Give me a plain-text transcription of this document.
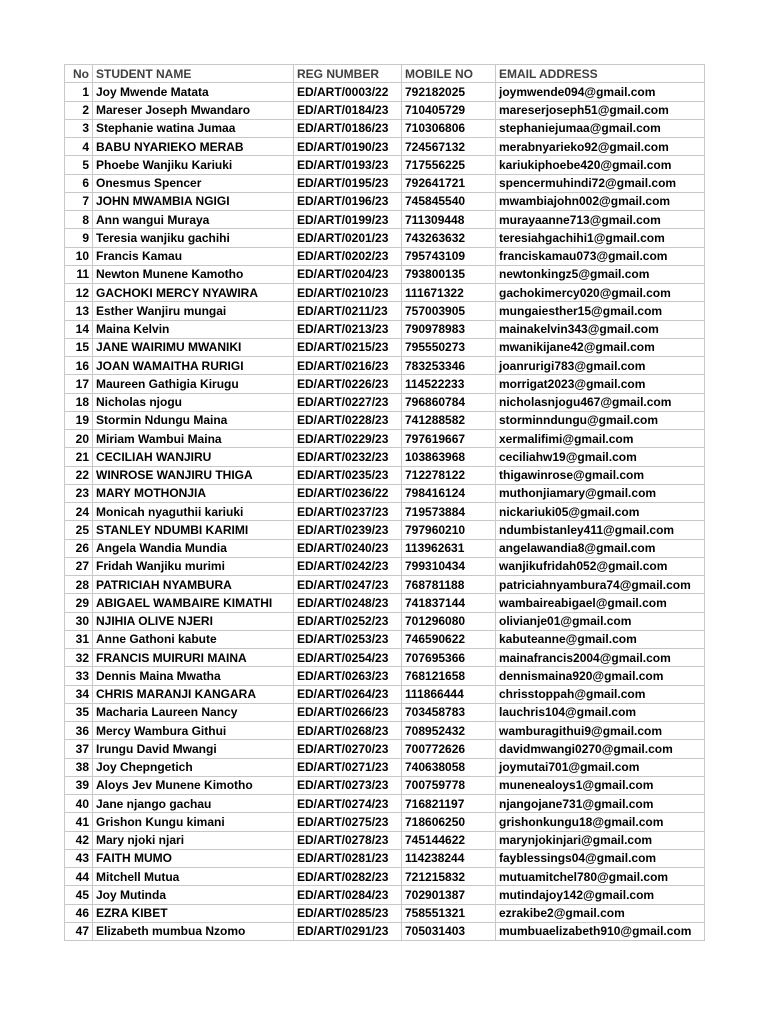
No	STUDENT NAME	REG NUMBER	MOBILE NO	EMAIL ADDRESS
1	Joy Mwende Matata	ED/ART/0003/22	792182025	joymwende094@gmail.com
2	Mareser Joseph Mwandaro	ED/ART/0184/23	710405729	mareserjoseph51@gmail.com
3	Stephanie watina Jumaa	ED/ART/0186/23	710306806	stephaniejumaa@gmail.com
4	BABU NYARIEKO MERAB	ED/ART/0190/23	724567132	merabnyarieko92@gmail.com
5	Phoebe Wanjiku Kariuki	ED/ART/0193/23	717556225	kariukiphoebe420@gmail.com
6	Onesmus Spencer	ED/ART/0195/23	792641721	spencermuhindi72@gmail.com
7	JOHN MWAMBIA NGIGI	ED/ART/0196/23	745845540	mwambiajohn002@gmail.com
8	Ann wangui Muraya	ED/ART/0199/23	711309448	murayaanne713@gmail.com
9	Teresia wanjiku gachihi	ED/ART/0201/23	743263632	teresiahgachihi1@gmail.com
10	Francis Kamau	ED/ART/0202/23	795743109	franciskamau073@gmail.com
11	Newton Munene Kamotho	ED/ART/0204/23	793800135	newtonkingz5@gmail.com
12	GACHOKI MERCY NYAWIRA	ED/ART/0210/23	111671322	gachokimercy020@gmail.com
13	Esther Wanjiru mungai	ED/ART/0211/23	757003905	mungaiesther15@gmail.com
14	Maina Kelvin	ED/ART/0213/23	790978983	mainakelvin343@gmail.com
15	JANE WAIRIMU MWANIKI	ED/ART/0215/23	795550273	mwanikijane42@gmail.com
16	JOAN WAMAITHA RURIGI	ED/ART/0216/23	783253346	joanrurigi783@gmail.com
17	Maureen Gathigia Kirugu	ED/ART/0226/23	114522233	morrigat2023@gmail.com
18	Nicholas njogu	ED/ART/0227/23	796860784	nicholasnjogu467@gmail.com
19	Stormin Ndungu Maina	ED/ART/0228/23	741288582	storminndungu@gmail.com
20	Miriam Wambui Maina	ED/ART/0229/23	797619667	xermalifimi@gmail.com
21	CECILIAH WANJIRU	ED/ART/0232/23	103863968	ceciliahw19@gmail.com
22	WINROSE WANJIRU THIGA	ED/ART/0235/23	712278122	thigawinrose@gmail.com
23	MARY MOTHONJIA	ED/ART/0236/22	798416124	muthonjiamary@gmail.com
24	Monicah nyaguthii kariuki	ED/ART/0237/23	719573884	nickariuki05@gmail.com
25	STANLEY NDUMBI KARIMI	ED/ART/0239/23	797960210	ndumbistanley411@gmail.com
26	Angela Wandia Mundia	ED/ART/0240/23	113962631	angelawandia8@gmail.com
27	Fridah Wanjiku murimi	ED/ART/0242/23	799310434	wanjikufridah052@gmail.com
28	PATRICIAH NYAMBURA	ED/ART/0247/23	768781188	patriciahnyambura74@gmail.com
29	ABIGAEL WAMBAIRE KIMATHI	ED/ART/0248/23	741837144	wambaireabigael@gmail.com
30	NJIHIA OLIVE NJERI	ED/ART/0252/23	701296080	olivianje01@gmail.com
31	Anne Gathoni kabute	ED/ART/0253/23	746590622	kabuteanne@gmail.com
32	FRANCIS MUIRURI MAINA	ED/ART/0254/23	707695366	mainafrancis2004@gmail.com
33	Dennis Maina Mwatha	ED/ART/0263/23	768121658	dennismaina920@gmail.com
34	CHRIS MARANJI KANGARA	ED/ART/0264/23	111866444	chrisstoppah@gmail.com
35	Macharia Laureen Nancy	ED/ART/0266/23	703458783	lauchris104@gmail.com
36	Mercy Wambura Githui	ED/ART/0268/23	708952432	wamburagithui9@gmail.com
37	Irungu David Mwangi	ED/ART/0270/23	700772626	davidmwangi0270@gmail.com
38	Joy Chepngetich	ED/ART/0271/23	740638058	joymutai701@gmail.com
39	Aloys Jev Munene Kimotho	ED/ART/0273/23	700759778	munenealoys1@gmail.com
40	Jane njango gachau	ED/ART/0274/23	716821197	njangojane731@gmail.com
41	Grishon Kungu kimani	ED/ART/0275/23	718606250	grishonkungu18@gmail.com
42	Mary njoki njari	ED/ART/0278/23	745144622	marynjokinjari@gmail.com
43	FAITH MUMO	ED/ART/0281/23	114238244	fayblessings04@gmail.com
44	Mitchell Mutua	ED/ART/0282/23	721215832	mutuamitchel780@gmail.com
45	Joy Mutinda	ED/ART/0284/23	702901387	mutindajoy142@gmail.com
46	EZRA KIBET	ED/ART/0285/23	758551321	ezrakibe2@gmail.com
47	Elizabeth mumbua Nzomo	ED/ART/0291/23	705031403	mumbuaelizabeth910@gmail.com
